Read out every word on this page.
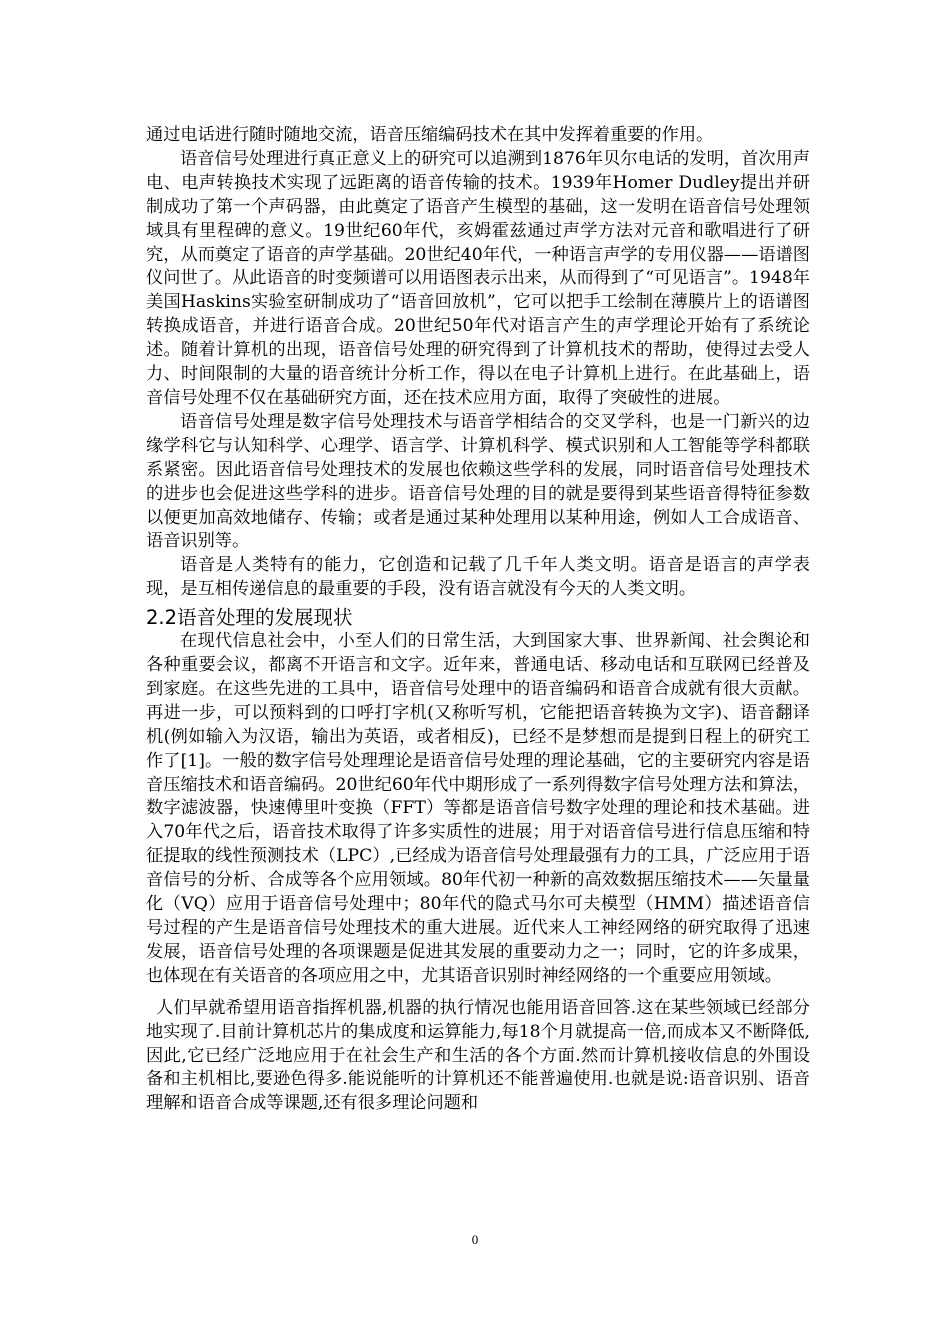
通过电话进行随时随地交流，语音压缩编码技术在其中发挥着重要的作用。

语音信号处理进行真正意义上的研究可以追溯到1876年贝尔电话的发明，首次用声电、电声转换技术实现了远距离的语音传输的技术。1939年Homer Dudley提出并研制成功了第一个声码器，由此奠定了语音产生模型的基础，这一发明在语音信号处理领域具有里程碑的意义。19世纪60年代，亥姆霍兹通过声学方法对元音和歌唱进行了研究，从而奠定了语音的声学基础。20世纪40年代，一种语言声学的专用仪器——语谱图仪问世了。从此语音的时变频谱可以用语图表示出来，从而得到了“可见语言”。1948年美国Haskins实验室研制成功了“语音回放机”，它可以把手工绘制在薄膜片上的语谱图转换成语音，并进行语音合成。20世纪50年代对语言产生的声学理论开始有了系统论述。随着计算机的出现，语音信号处理的研究得到了计算机技术的帮助，使得过去受人力、时间限制的大量的语音统计分析工作，得以在电子计算机上进行。在此基础上，语音信号处理不仅在基础研究方面，还在技术应用方面，取得了突破性的进展。

语音信号处理是数字信号处理技术与语音学相结合的交叉学科，也是一门新兴的边缘学科它与认知科学、心理学、语言学、计算机科学、模式识别和人工智能等学科都联系紧密。因此语音信号处理技术的发展也依赖这些学科的发展，同时语音信号处理技术的进步也会促进这些学科的进步。语音信号处理的目的就是要得到某些语音得特征参数以便更加高效地储存、传输；或者是通过某种处理用以某种用途，例如人工合成语音、语音识别等。

语音是人类特有的能力，它创造和记载了几千年人类文明。语音是语言的声学表现，是互相传递信息的最重要的手段，没有语言就没有今天的人类文明。

2.2语音处理的发展现状

在现代信息社会中，小至人们的日常生活，大到国家大事、世界新闻、社会舆论和各种重要会议，都离不开语言和文字。近年来，普通电话、移动电话和互联网已经普及到家庭。在这些先进的工具中，语音信号处理中的语音编码和语音合成就有很大贡献。再进一步，可以预料到的口呼打字机(又称听写机，它能把语音转换为文字)、语音翻译机(例如输入为汉语，输出为英语，或者相反)，已经不是梦想而是提到日程上的研究工作了[1]。一般的数字信号处理理论是语音信号处理的理论基础，它的主要研究内容是语音压缩技术和语音编码。20世纪60年代中期形成了一系列得数字信号处理方法和算法，数字滤波器，快速傅里叶变换（FFT）等都是语音信号数字处理的理论和技术基础。进入70年代之后，语音技术取得了许多实质性的进展；用于对语音信号进行信息压缩和特征提取的线性预测技术（LPC）,已经成为语音信号处理最强有力的工具，广泛应用于语音信号的分析、合成等各个应用领域。80年代初一种新的高效数据压缩技术——矢量量化（VQ）应用于语音信号处理中；80年代的隐式马尔可夫模型（HMM）描述语音信号过程的产生是语音信号处理技术的重大进展。近代来人工神经网络的研究取得了迅速发展，语音信号处理的各项课题是促进其发展的重要动力之一；同时，它的许多成果，也体现在有关语音的各项应用之中，尤其语音识别时神经网络的一个重要应用领域。

人们早就希望用语音指挥机器,机器的执行情况也能用语音回答.这在某些领域已经部分地实现了.目前计算机芯片的集成度和运算能力,每18个月就提高一倍,而成本又不断降低,因此,它已经广泛地应用于在社会生产和生活的各个方面.然而计算机接收信息的外围设备和主机相比,要逊色得多.能说能听的计算机还不能普遍使用.也就是说:语音识别、语音理解和语音合成等课题,还有很多理论问题和

0
